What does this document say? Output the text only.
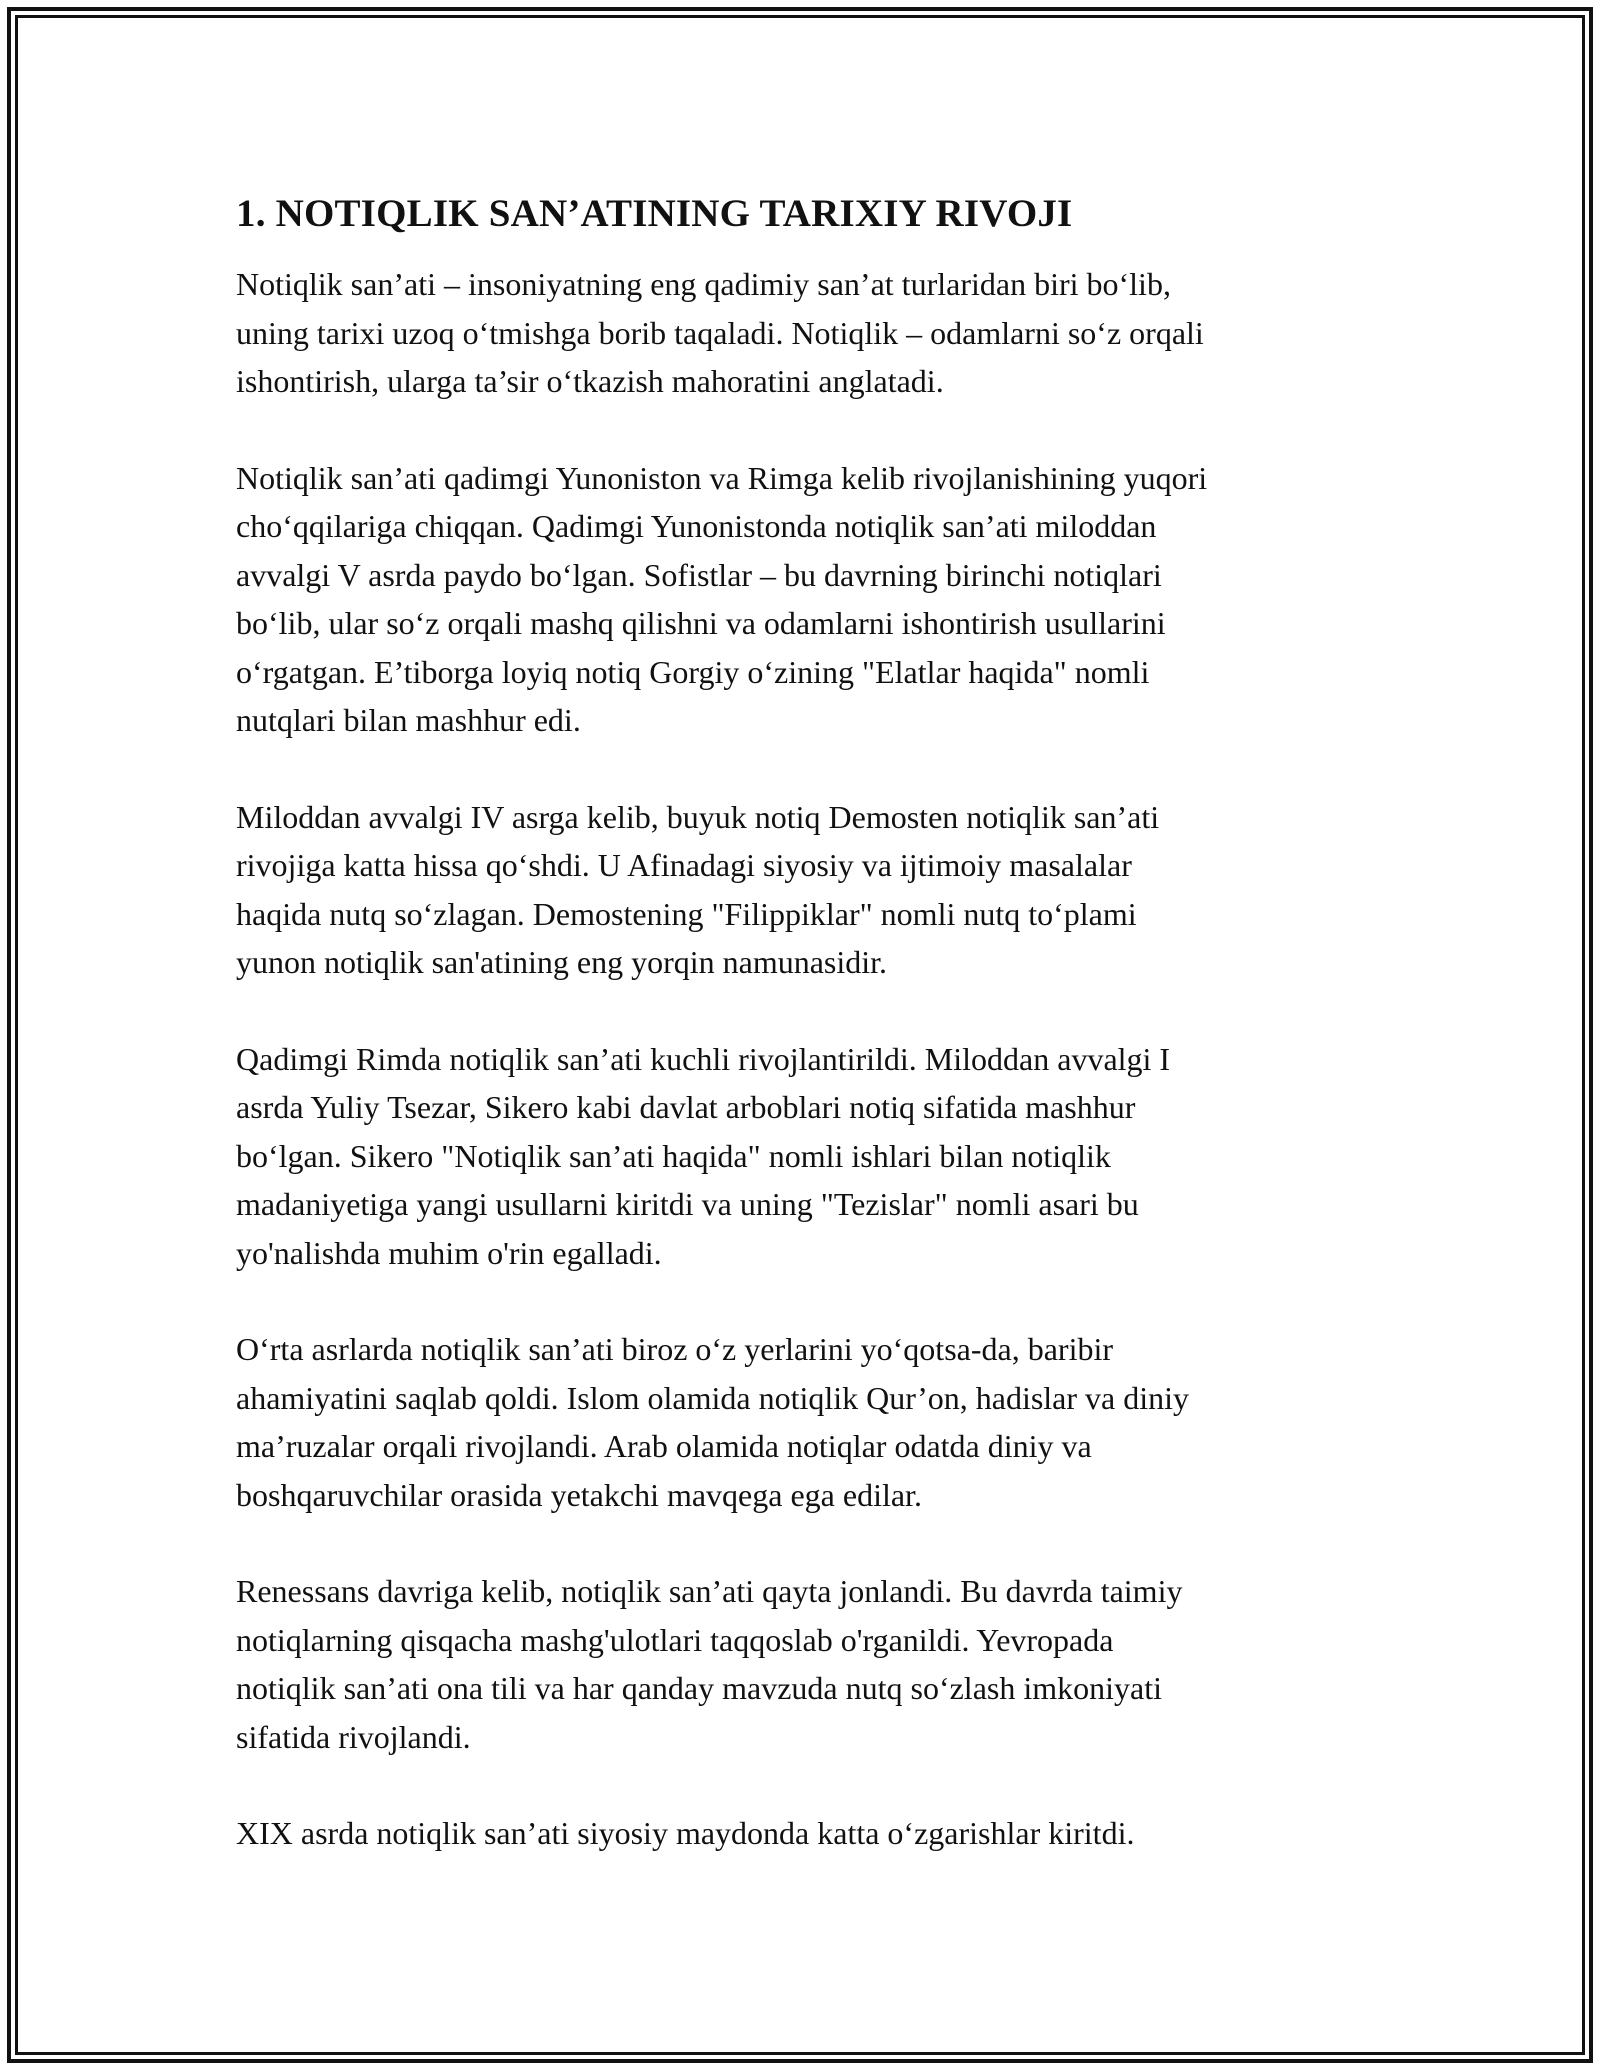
1. NOTIQLIK SAN’ATINING TARIXIY RIVOJI

Notiqlik san’ati – insoniyatning eng qadimiy san’at turlaridan biri bo‘lib,
uning tarixi uzoq o‘tmishga borib taqaladi. Notiqlik – odamlarni so‘z orqali
ishontirish, ularga ta’sir o‘tkazish mahoratini anglatadi.

Notiqlik san’ati qadimgi Yunoniston va Rimga kelib rivojlanishining yuqori
cho‘qqilariga chiqqan. Qadimgi Yunonistonda notiqlik san’ati miloddan
avvalgi V asrda paydo bo‘lgan. Sofistlar – bu davrning birinchi notiqlari
bo‘lib, ular so‘z orqali mashq qilishni va odamlarni ishontirish usullarini
o‘rgatgan. E’tiborga loyiq notiq Gorgiy o‘zining "Elatlar haqida" nomli
nutqlari bilan mashhur edi.

Miloddan avvalgi IV asrga kelib, buyuk notiq Demosten notiqlik san’ati
rivojiga katta hissa qo‘shdi. U Afinadagi siyosiy va ijtimoiy masalalar
haqida nutq so‘zlagan. Demostening "Filippiklar" nomli nutq to‘plami
yunon notiqlik san'atining eng yorqin namunasidir.

Qadimgi Rimda notiqlik san’ati kuchli rivojlantirildi. Miloddan avvalgi I
asrda Yuliy Tsezar, Sikero kabi davlat arboblari notiq sifatida mashhur
bo‘lgan. Sikero "Notiqlik san’ati haqida" nomli ishlari bilan notiqlik
madaniyetiga yangi usullarni kiritdi va uning "Tezislar" nomli asari bu
yo'nalishda muhim o'rin egalladi.

O‘rta asrlarda notiqlik san’ati biroz o‘z yerlarini yo‘qotsa-da, baribir
ahamiyatini saqlab qoldi. Islom olamida notiqlik Qur’on, hadislar va diniy
ma’ruzalar orqali rivojlandi. Arab olamida notiqlar odatda diniy va
boshqaruvchilar orasida yetakchi mavqega ega edilar.

Renessans davriga kelib, notiqlik san’ati qayta jonlandi. Bu davrda taimiy
notiqlarning qisqacha mashg'ulotlari taqqoslab o'rganildi. Yevropada
notiqlik san’ati ona tili va har qanday mavzuda nutq so‘zlash imkoniyati
sifatida rivojlandi.

XIX asrda notiqlik san’ati siyosiy maydonda katta o‘zgarishlar kiritdi.
